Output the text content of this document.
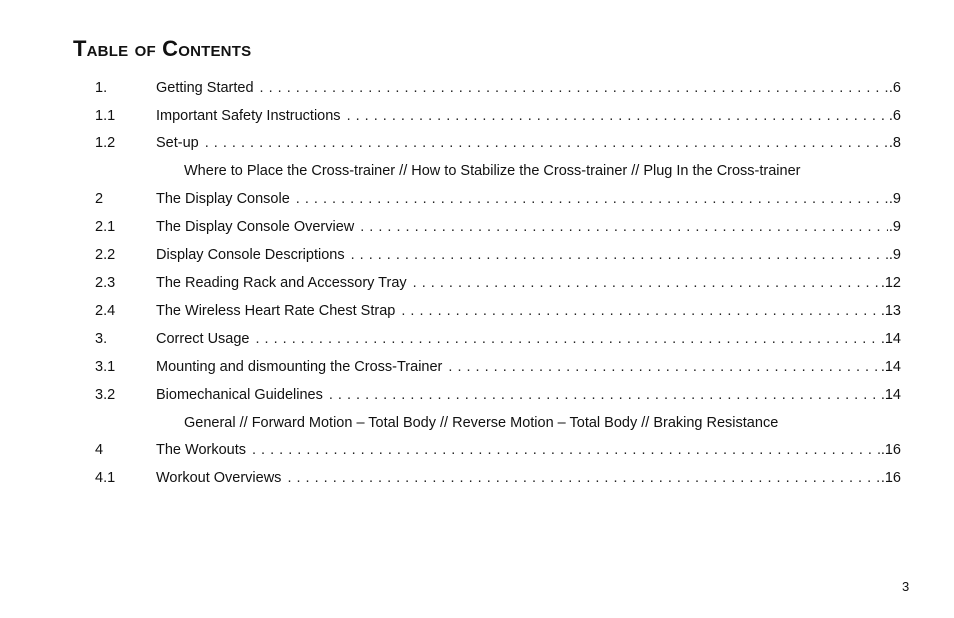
Table of Contents
1.	Getting Started . . .	.6
1.1	Important Safety Instructions . . .	.6
1.2	Set-up . . .	.8
Where to Place the Cross-trainer // How to Stabilize the Cross-trainer // Plug In the Cross-trainer
2	The Display Console . . .	.9
2.1	The Display Console Overview . . .	.9
2.2	Display Console Descriptions . . .	.9
2.3	The Reading Rack and Accessory Tray . . .	.12
2.4	The Wireless Heart Rate Chest Strap . . .	.13
3.	Correct Usage . . .	.14
3.1	Mounting and dismounting the Cross-Trainer . . .	.14
3.2	Biomechanical Guidelines . . .	.14
General // Forward Motion – Total Body // Reverse Motion – Total Body // Braking Resistance
4	The Workouts . . .	.16
4.1	Workout Overviews . . .	.16
3
